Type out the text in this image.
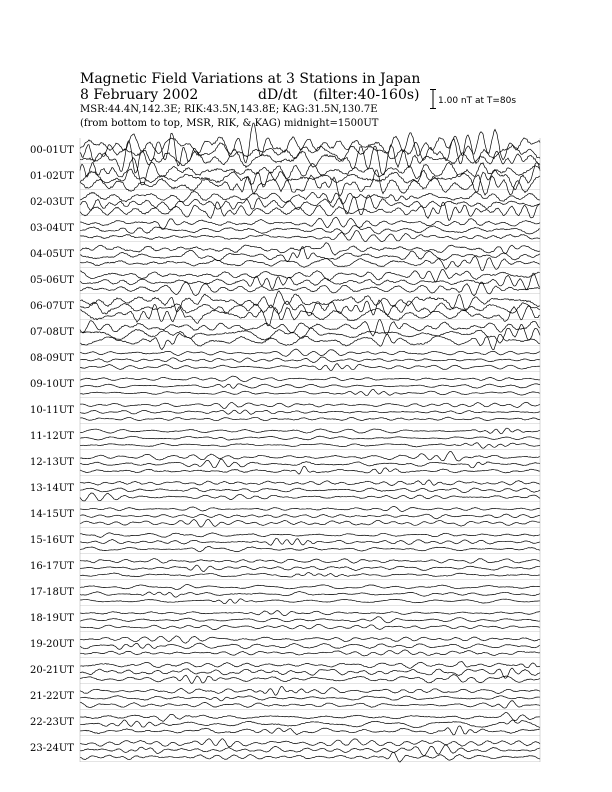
Magnetic Field Variations at 3 Stations in Japan
8 February 2002	dD/dt (filter:40-160s)
MSR:44.4N,142.3E; RIK:43.5N,143.8E; KAG:31.5N,130.7E
(from bottom to top, MSR, RIK, & KAG) midnight=1500UT
1.00 nT at T=80s
00-01UT
01-02UT
02-03UT
03-04UT
04-05UT
05-06UT
06-07UT
07-08UT
08-09UT
09-10UT
10-11UT
11-12UT
12-13UT
13-14UT
14-15UT
15-16UT
16-17UT
17-18UT
18-19UT
19-20UT
20-21UT
21-22UT
22-23UT
23-24UT
